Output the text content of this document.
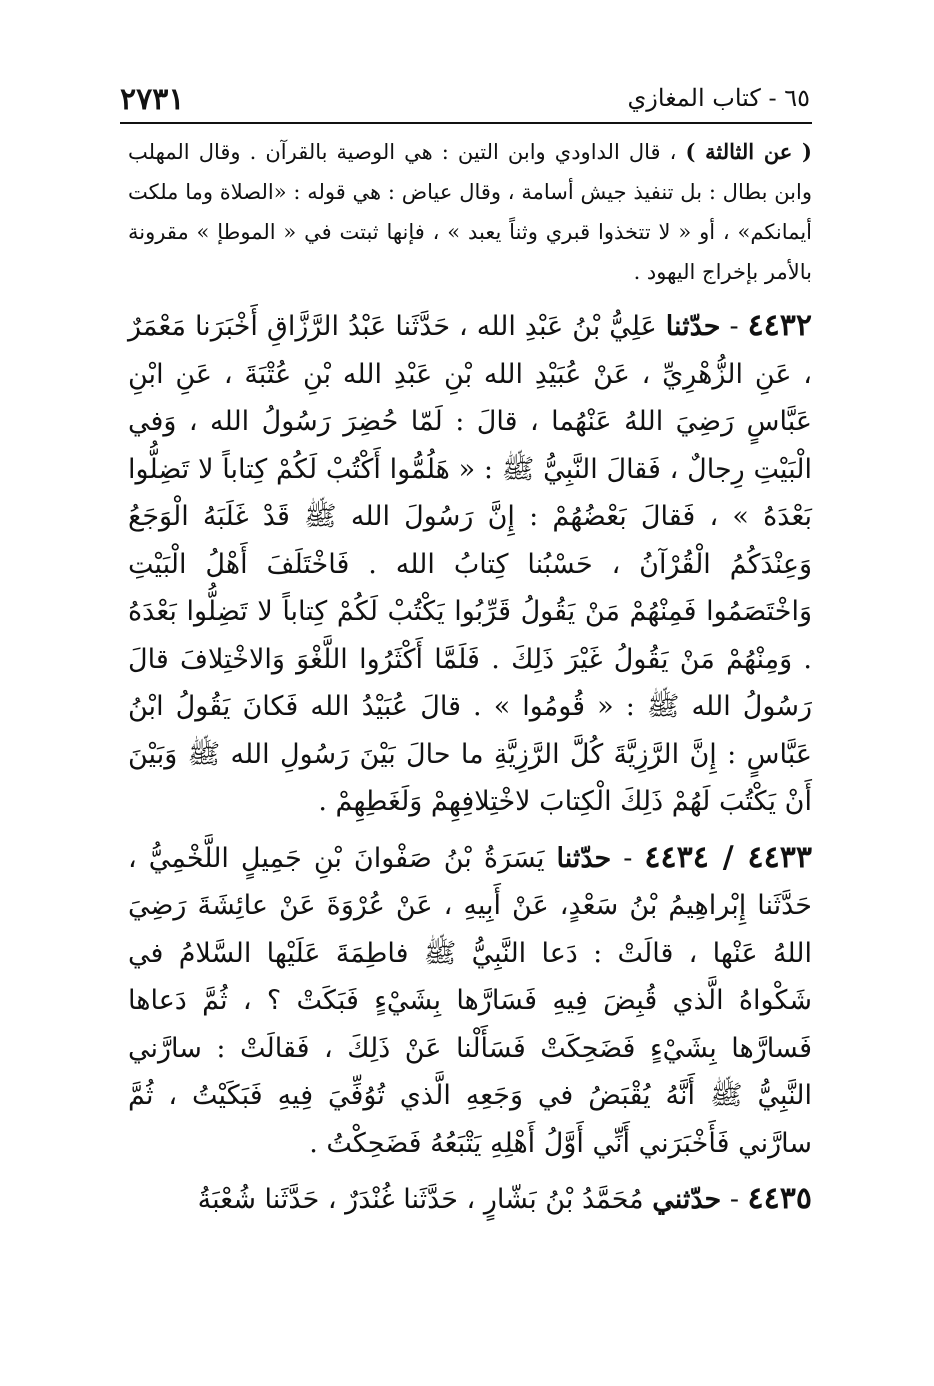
٢٧٣١	٦٥ - كتاب المغازي

( عن الثالثة ) ، قال الداودي وابن التين : هي الوصية بالقرآن . وقال المهلب وابن بطال : بل تنفيذ جيش أسامة ، وقال عياض : هي قوله : «الصلاة وما ملكت أيمانكم» ، أو « لا تتخذوا قبري وثناً يعبد » ، فإنها ثبتت في « الموطإ » مقرونة بالأمر بإخراج اليهود .

٤٤٣٢ - حدّثنا عَلِيُّ بْنُ عَبْدِ الله ، حَدَّثَنا عَبْدُ الرَّزَّاقِ أَخْبَرَنا مَعْمَرٌ ، عَنِ الزُّهْرِيِّ ، عَنْ عُبَيْدِ الله بْنِ عَبْدِ الله بْنِ عُتْبَةَ ، عَنِ ابْنِ عَبَّاسٍ رَضِيَ اللهُ عَنْهُما ، قالَ : لَمّا حُضِرَ رَسُولُ الله ، وَفي الْبَيْتِ رِجالٌ ، فَقالَ النَّبِيُّ ﷺ : « هَلُمُّوا أَكْتُبْ لَكُمْ كِتاباً لا تَضِلُّوا بَعْدَهُ » ، فَقالَ بَعْضُهُمْ : إِنَّ رَسُولَ الله ﷺ قَدْ غَلَبَهُ الْوَجَعُ وَعِنْدَكُمُ الْقُرْآنُ ، حَسْبُنا كِتابُ الله . فَاخْتَلَفَ أَهْلُ الْبَيْتِ وَاخْتَصَمُوا فَمِنْهُمْ مَنْ يَقُولُ قَرِّبُوا يَكْتُبْ لَكُمْ كِتاباً لا تَضِلُّوا بَعْدَهُ . وَمِنْهُمْ مَنْ يَقُولُ غَيْرَ ذَلِكَ . فَلَمَّا أَكْثَرُوا اللَّغْوَ وَالاخْتِلافَ قالَ رَسُولُ الله ﷺ : « قُومُوا » . قالَ عُبَيْدُ الله فَكانَ يَقُولُ ابْنُ عَبَّاسٍ : إِنَّ الرَّزِيَّةَ كُلَّ الرَّزِيَّةِ ما حالَ بَيْنَ رَسُولِ الله ﷺ وَبَيْنَ أَنْ يَكْتُبَ لَهُمْ ذَلِكَ الْكِتابَ لاخْتِلافِهِمْ وَلَغَطِهِمْ .

٤٤٣٣ / ٤٤٣٤ - حدّثنا يَسَرَةُ بْنُ صَفْوانَ بْنِ جَمِيلٍ اللَّخْمِيُّ ، حَدَّثَنا إِبْراهِيمُ بْنُ سَعْدٍ، عَنْ أَبِيهِ ، عَنْ عُرْوَةَ عَنْ عائِشَةَ رَضِيَ اللهُ عَنْها ، قالَتْ : دَعا النَّبِيُّ ﷺ فاطِمَةَ عَلَيْها السَّلامُ في شَكْواهُ الَّذي قُبِضَ فِيهِ فَسَارَّها بِشَيْءٍ فَبَكَتْ ؟ ، ثُمَّ دَعاها فَسارَّها بِشَيْءٍ فَضَحِكَتْ فَسَأَلْنا عَنْ ذَلِكَ ، فَقالَتْ : سارَّني النَّبِيُّ ﷺ أَنَّهُ يُقْبَضُ في وَجَعِهِ الَّذي تُوُفِّيَ فِيهِ فَبَكَيْتُ ، ثُمَّ سارَّني فَأَخْبَرَني أَنِّي أَوَّلُ أَهْلِهِ يَتْبَعُهُ فَضَحِكْتُ .

٤٤٣٥ - حدّثني مُحَمَّدُ بْنُ بَشّارٍ ، حَدَّثَنا غُنْدَرٌ ، حَدَّثَنا شُعْبَةُ
